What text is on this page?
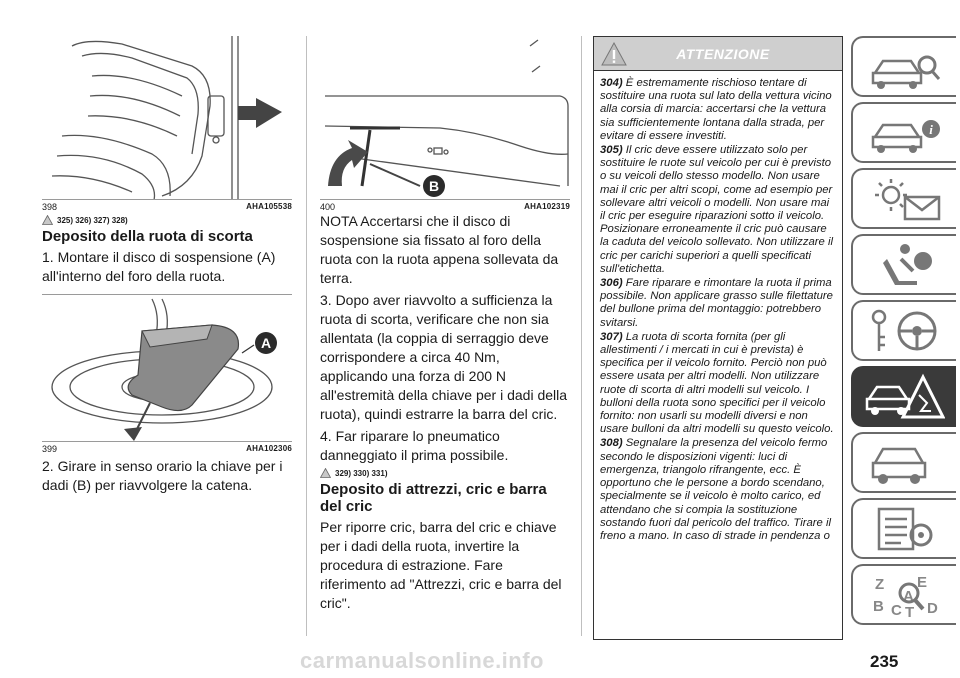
398	AHA105538
325) 326) 327) 328)
Deposito della ruota di scorta

1. Montare il disco di sospensione (A) all'interno del foro della ruota.

A
399	AHA102306

2. Girare in senso orario la chiave per i dadi (B) per riavvolgere la catena.

B
400	AHA102319

NOTA Accertarsi che il disco di sospensione sia fissato al foro della ruota con la ruota appena sollevata da terra.

3. Dopo aver riavvolto a sufficienza la ruota di scorta, verificare che non sia allentata (la coppia di serraggio deve corrispondere a circa 40 Nm, applicando una forza di 200 N all'estremità della chiave per i dadi della ruota), quindi estrarre la barra del cric.

4. Far riparare lo pneumatico danneggiato il prima possibile.

329) 330) 331)
Deposito di attrezzi, cric e barra del cric

Per riporre cric, barra del cric e chiave per i dadi della ruota, invertire la procedura di estrazione. Fare riferimento ad "Attrezzi, cric e barra del cric".

ATTENZIONE

304) È estremamente rischioso tentare di sostituire una ruota sul lato della vettura vicino alla corsia di marcia: accertarsi che la vettura sia sufficientemente lontana dalla strada, per evitare di essere investiti.

305) Il cric deve essere utilizzato solo per sostituire le ruote sul veicolo per cui è previsto o su veicoli dello stesso modello. Non usare mai il cric per altri scopi, come ad esempio per sollevare altri veicoli o modelli. Non usare mai il cric per eseguire riparazioni sotto il veicolo. Posizionare erroneamente il cric può causare la caduta del veicolo sollevato. Non utilizzare il cric per carichi superiori a quelli specificati sull'etichetta.

306) Fare riparare e rimontare la ruota il prima possibile. Non applicare grasso sulle filettature del bullone prima del montaggio: potrebbero svitarsi.

307) La ruota di scorta fornita (per gli allestimenti / i mercati in cui è prevista) è specifica per il veicolo fornito. Perciò non può essere usata per altri modelli. Non utilizzare ruote di scorta di altri modelli sul veicolo. I bulloni della ruota sono specifici per il veicolo fornito: non usarli su modelli diversi e non usare bulloni da altri modelli su questo veicolo.

308) Segnalare la presenza del veicolo fermo secondo le disposizioni vigenti: luci di emergenza, triangolo rifrangente, ecc. È opportuno che le persone a bordo scendano, specialmente se il veicolo è molto carico, ed attendano che si compia la sostituzione sostando fuori dal pericolo del traffico. Tirare il freno a mano. In caso di strade in pendenza o

i
Z E
B
A
C T D
235
carmanualsonline.info
